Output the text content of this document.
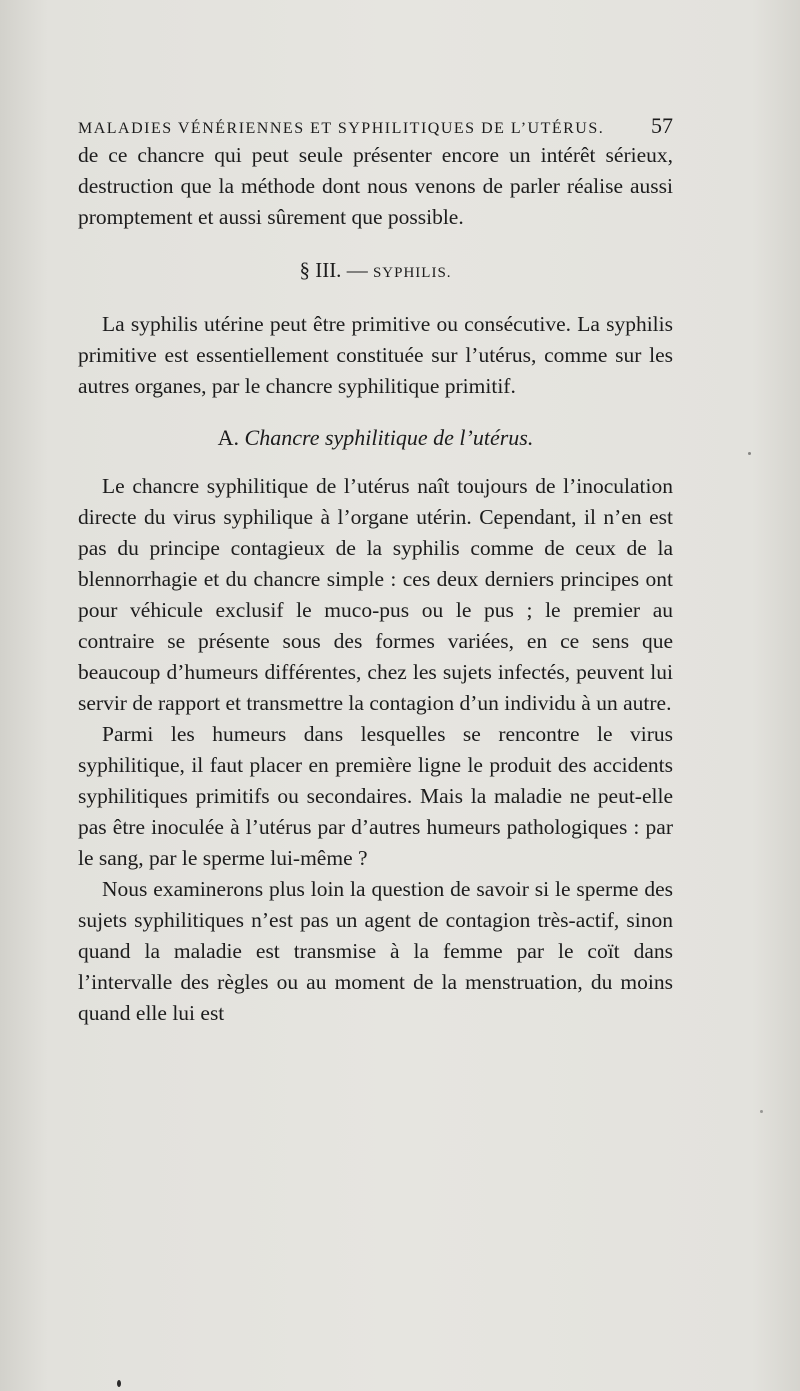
MALADIES VÉNÉRIENNES ET SYPHILITIQUES DE L’UTÉRUS. 57

de ce chancre qui peut seule présenter encore un intérêt sérieux, destruction que la méthode dont nous venons de parler réalise aussi promptement et aussi sûrement que possible.

§ III. — SYPHILIS.

La syphilis utérine peut être primitive ou consécutive. La syphilis primitive est essentiellement constituée sur l’utérus, comme sur les autres organes, par le chancre syphilitique primitif.

A. Chancre syphilitique de l’utérus.

Le chancre syphilitique de l’utérus naît toujours de l’inoculation directe du virus syphilique à l’organe utérin. Cependant, il n’en est pas du principe contagieux de la syphilis comme de ceux de la blennorrhagie et du chancre simple : ces deux derniers principes ont pour véhicule exclusif le muco-pus ou le pus ; le premier au contraire se présente sous des formes variées, en ce sens que beaucoup d’humeurs différentes, chez les sujets infectés, peuvent lui servir de rapport et transmettre la contagion d’un individu à un autre.

Parmi les humeurs dans lesquelles se rencontre le virus syphilitique, il faut placer en première ligne le produit des accidents syphilitiques primitifs ou secondaires. Mais la maladie ne peut-elle pas être inoculée à l’utérus par d’autres humeurs pathologiques : par le sang, par le sperme lui-même ?

Nous examinerons plus loin la question de savoir si le sperme des sujets syphilitiques n’est pas un agent de contagion très-actif, sinon quand la maladie est transmise à la femme par le coït dans l’intervalle des règles ou au moment de la menstruation, du moins quand elle lui est
